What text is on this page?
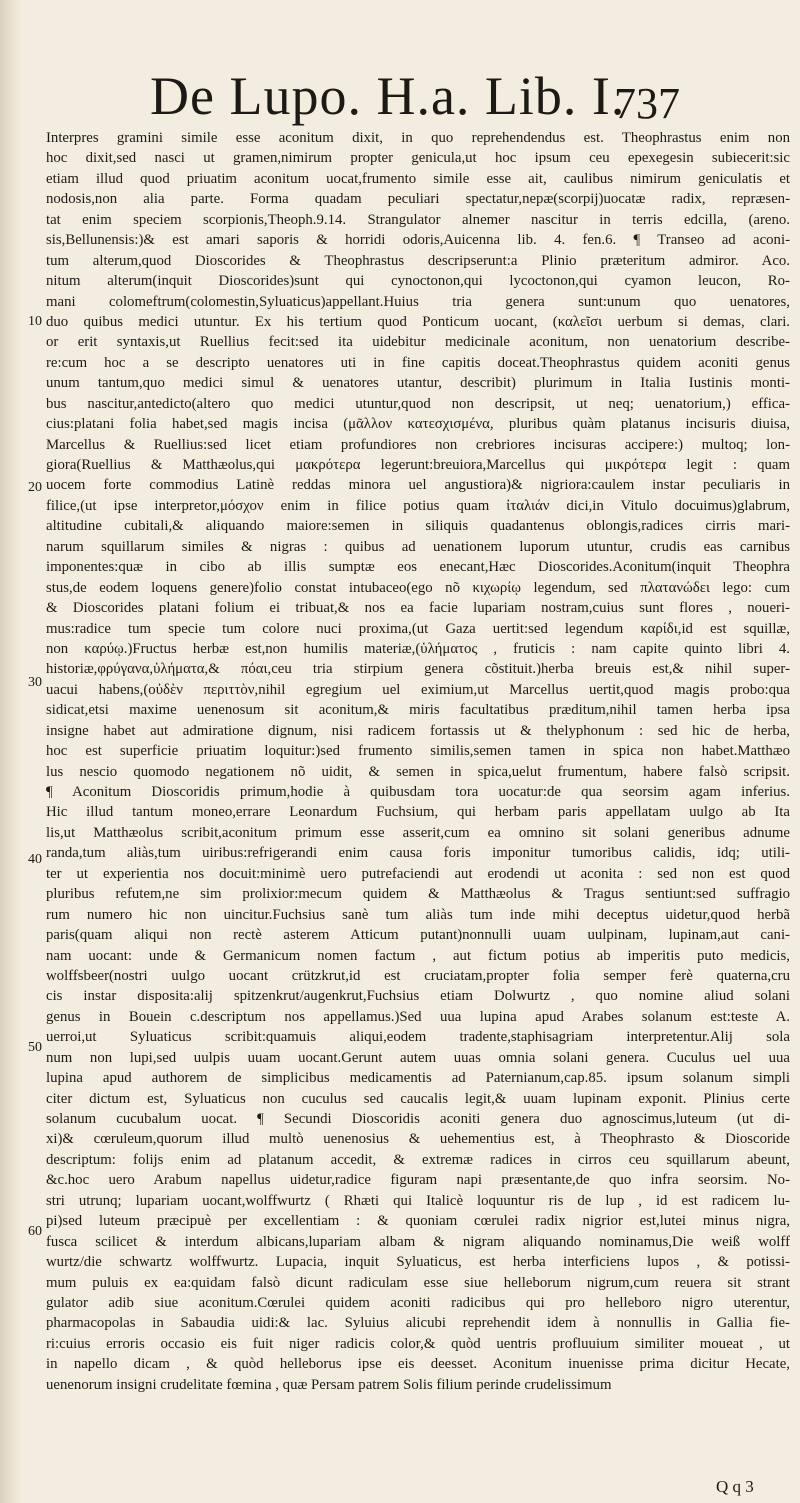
De Lupo. H.a. Lib. I.
737
10
20
30
40
50
60
Interpres gramini simile esse aconitum dixit, in quo reprehendendus est. Theophrastus enim non
hoc dixit,sed nasci ut gramen,nimirum propter genicula,ut hoc ipsum ceu epexegesin subiecerit:sic
etiam illud quod priuatim aconitum uocat,frumento simile esse ait, caulibus nimirum geniculatis et
nodosis,non alia parte. Forma quadam peculiari spectatur,nepæ(scorpij)uocatæ radix, repræsen-
tat enim speciem scorpionis,Theoph.9.14. Strangulator alnemer nascitur in terris edcilla, (areno.
sis,Bellunensis:)& est amari saporis & horridi odoris,Auicenna lib. 4. fen.6. ¶ Transeo ad aconi-
tum alterum,quod Dioscorides & Theophrastus descripserunt:a Plinio præteritum admiror. Aco.
nitum alterum(inquit Dioscorides)sunt qui cynoctonon,qui lycoctonon,qui cyamon leucon, Ro-
mani colomeftrum(colomestin,Syluaticus)appellant.Huius tria genera sunt:unum quo uenatores,
duo quibus medici utuntur. Ex his tertium quod Ponticum uocant, (καλεῖσι uerbum si demas, clari.
or erit syntaxis,ut Ruellius fecit:sed ita uidebitur medicinale aconitum, non uenatorium describe-
re:cum hoc a se descripto uenatores uti in fine capitis doceat.Theophrastus quidem aconiti genus
unum tantum,quo medici simul & uenatores utantur, describit) plurimum in Italia Iustinis monti-
bus nascitur,antedicto(altero quo medici utuntur,quod non descripsit, ut neq; uenatorium,) effica-
cius:platani folia habet,sed magis incisa (μᾶλλον κατεσχισμένα, pluribus quàm platanus incisuris diuisa,
Marcellus & Ruellius:sed licet etiam profundiores non crebriores incisuras accipere:) multoq; lon-
giora(Ruellius & Matthæolus,qui μακρότερα legerunt:breuiora,Marcellus qui μικρότερα legit : quam
uocem forte commodius Latinè reddas minora uel angustiora)& nigriora:caulem instar peculiaris in
filice,(ut ipse interpretor,μόσχον enim in filice potius quam ἰταλιάν dici,in Vitulo docuimus)glabrum,
altitudine cubitali,& aliquando maiore:semen in siliquis quadantenus oblongis,radices cirris mari-
narum squillarum similes & nigras : quibus ad uenationem luporum utuntur, crudis eas carnibus
imponentes:quæ in cibo ab illis sumptæ eos enecant,Hæc Dioscorides.Aconitum(inquit Theophra
stus,de eodem loquens genere)folio constat intubaceo(ego nõ κιχωρίῳ legendum, sed πλατανώδει lego: cum
& Dioscorides platani folium ei tribuat,& nos ea facie lupariam nostram,cuius sunt flores , noueri-
mus:radice tum specie tum colore nuci proxima,(ut Gaza uertit:sed legendum καρίδι,id est squillæ,
non καρύῳ.)Fructus herbæ est,non humilis materiæ,(ὑλήματος , fruticis : nam capite quinto libri 4.
historiæ,φρύγανα,ὑλήματα,& πόαι,ceu tria stirpium genera cõstituit.)herba breuis est,& nihil super-
uacui habens,(οὐδὲν περιττὸν,nihil egregium uel eximium,ut Marcellus uertit,quod magis probo:qua
sidicat,etsi maxime uenenosum sit aconitum,& miris facultatibus præditum,nihil tamen herba ipsa
insigne habet aut admiratione dignum, nisi radicem fortassis ut & thelyphonum : sed hic de herba,
hoc est superficie priuatim loquitur:)sed frumento similis,semen tamen in spica non habet.Matthæo
lus nescio quomodo negationem nõ uidit, & semen in spica,uelut frumentum, habere falsò scripsit.
¶ Aconitum Dioscoridis primum,hodie à quibusdam tora uocatur:de qua seorsim agam inferius.
Hic illud tantum moneo,errare Leonardum Fuchsium, qui herbam paris appellatam uulgo ab Ita
lis,ut Matthæolus scribit,aconitum primum esse asserit,cum ea omnino sit solani generibus adnume
randa,tum aliàs,tum uiribus:refrigerandi enim causa foris imponitur tumoribus calidis, idq; utili-
ter ut experientia nos docuit:minimè uero putrefaciendi aut erodendi ut aconita : sed non est quod
pluribus refutem,ne sim prolixior:mecum quidem & Matthæolus & Tragus sentiunt:sed suffragio
rum numero hic non uincitur.Fuchsius sanè tum aliàs tum inde mihi deceptus uidetur,quod herbã
paris(quam aliqui non rectè asterem Atticum putant)nonnulli uuam uulpinam, lupinam,aut cani-
nam uocant: unde & Germanicum nomen factum , aut fictum potius ab imperitis puto medicis,
wolffsbeer(nostri uulgo uocant crützkrut,id est cruciatam,propter folia semper ferè quaterna,cru
cis instar disposita:alij spitzenkrut/augenkrut,Fuchsius etiam Dolwurtz , quo nomine aliud solani
genus in Bouein c.descriptum nos appellamus.)Sed uua lupina apud Arabes solanum est:teste A.
uerroi,ut Syluaticus scribit:quamuis aliqui,eodem tradente,staphisagriam interpretentur.Alij sola
num non lupi,sed uulpis uuam uocant.Gerunt autem uuas omnia solani genera. Cuculus uel uua
lupina apud authorem de simplicibus medicamentis ad Paternianum,cap.85. ipsum solanum simpli
citer dictum est, Syluaticus non cuculus sed caucalis legit,& uuam lupinam exponit. Plinius certe
solanum cucubalum uocat. ¶ Secundi Dioscoridis aconiti genera duo agnoscimus,luteum (ut di-
xi)& cœruleum,quorum illud multò uenenosius & uehementius est, à Theophrasto & Dioscoride
descriptum: folijs enim ad platanum accedit, & extremæ radices in cirros ceu squillarum abeunt,
&c.hoc uero Arabum napellus uidetur,radice figuram napi præsentante,de quo infra seorsim. No-
stri utrunq; lupariam uocant,wolffwurtz ( Rhæti qui Italicè loquuntur ris de lup , id est radicem lu-
pi)sed luteum præcipuè per excellentiam : & quoniam cœrulei radix nigrior est,lutei minus nigra,
fusca scilicet & interdum albicans,lupariam albam & nigram aliquando nominamus,Die weiß wolff
wurtz/die schwartz wolffwurtz. Lupacia, inquit Syluaticus, est herba interficiens lupos , & potissi-
mum puluis ex ea:quidam falsò dicunt radiculam esse siue helleborum nigrum,cum reuera sit strant
gulator adib siue aconitum.Cœrulei quidem aconiti radicibus qui pro helleboro nigro uterentur,
pharmacopolas in Sabaudia uidi:& lac. Syluius alicubi reprehendit idem à nonnullis in Gallia fie-
ri:cuius erroris occasio eis fuit niger radicis color,& quòd uentris profluuium similiter moueat , ut
in napello dicam , & quòd helleborus ipse eis deesset. Aconitum inuenisse prima dicitur Hecate,
uenenorum insigni crudelitate fœmina , quæ Persam patrem Solis filium perinde crudelissimum
Q q 3
